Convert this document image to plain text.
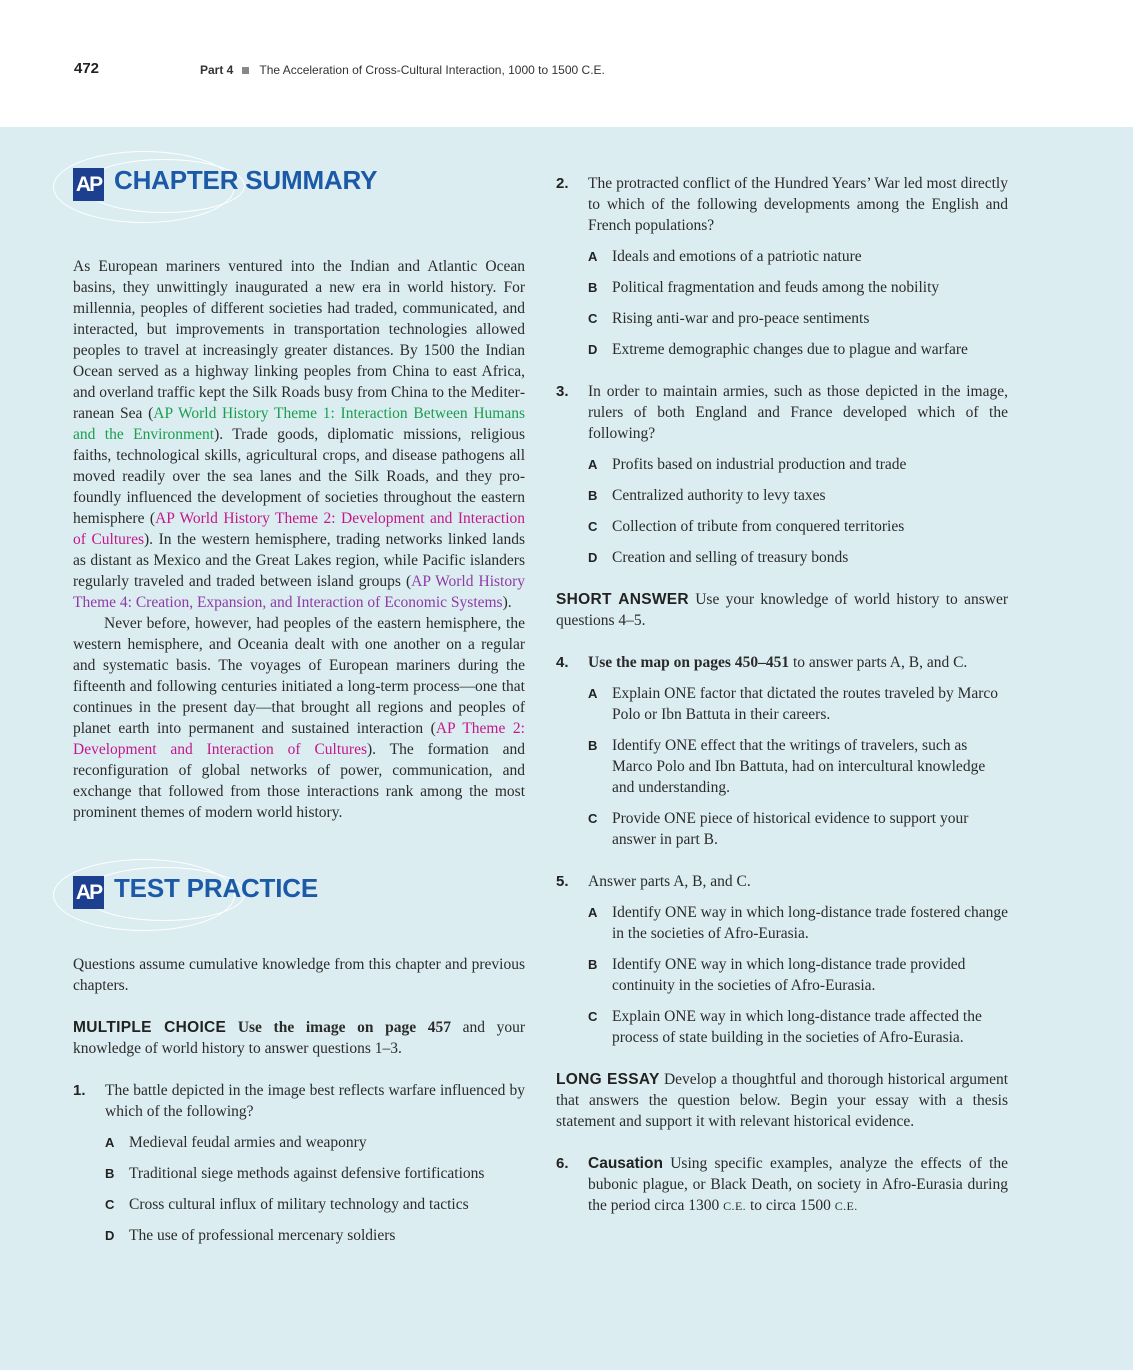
472	Part 4 The Acceleration of Cross-Cultural Interaction, 1000 to 1500 C.E.
AP CHAPTER SUMMARY

As European mariners ventured into the Indian and Atlantic Ocean basins, they unwittingly inaugurated a new era in world history. For millennia, peoples of different societies had traded, communicated, and interacted, but improvements in transportation technologies allowed peoples to travel at increasingly greater distances. By 1500 the Indian Ocean served as a highway linking peoples from China to east Africa, and overland traffic kept the Silk Roads busy from China to the Mediterranean Sea (AP World History Theme 1: Interaction Between Humans and the Environment). Trade goods, diplomatic missions, religious faiths, technological skills, agricultural crops, and disease pathogens all moved readily over the sea lanes and the Silk Roads, and they profoundly influenced the development of societies throughout the eastern hemisphere (AP World History Theme 2: Development and Interaction of Cultures). In the western hemisphere, trading networks linked lands as distant as Mexico and the Great Lakes region, while Pacific islanders regularly traveled and traded between island groups (AP World History Theme 4: Creation, Expansion, and Interaction of Economic Systems).

Never before, however, had peoples of the eastern hemisphere, the western hemisphere, and Oceania dealt with one another on a regular and systematic basis. The voyages of European mariners during the fifteenth and following centuries initiated a long-term process—one that continues in the present day—that brought all regions and peoples of planet earth into permanent and sustained interaction (AP Theme 2: Development and Interaction of Cultures). The formation and reconfiguration of global networks of power, communication, and exchange that followed from those interactions rank among the most prominent themes of modern world history.

AP TEST PRACTICE

Questions assume cumulative knowledge from this chapter and previous chapters.

MULTIPLE CHOICE Use the image on page 457 and your knowledge of world history to answer questions 1–3.

1. The battle depicted in the image best reflects warfare influenced by which of the following?
A Medieval feudal armies and weaponry
B Traditional siege methods against defensive fortifications
C Cross cultural influx of military technology and tactics
D The use of professional mercenary soldiers
2. The protracted conflict of the Hundred Years’ War led most directly to which of the following developments among the English and French populations?
A Ideals and emotions of a patriotic nature
B Political fragmentation and feuds among the nobility
C Rising anti-war and pro-peace sentiments
D Extreme demographic changes due to plague and warfare
3. In order to maintain armies, such as those depicted in the image, rulers of both England and France developed which of the following?
A Profits based on industrial production and trade
B Centralized authority to levy taxes
C Collection of tribute from conquered territories
D Creation and selling of treasury bonds

SHORT ANSWER Use your knowledge of world history to answer questions 4–5.

4. Use the map on pages 450–451 to answer parts A, B, and C.
A Explain ONE factor that dictated the routes traveled by Marco Polo or Ibn Battuta in their careers.
B Identify ONE effect that the writings of travelers, such as Marco Polo and Ibn Battuta, had on intercultural knowledge and understanding.
C Provide ONE piece of historical evidence to support your answer in part B.
5. Answer parts A, B, and C.
A Identify ONE way in which long-distance trade fostered change in the societies of Afro-Eurasia.
B Identify ONE way in which long-distance trade provided continuity in the societies of Afro-Eurasia.
C Explain ONE way in which long-distance trade affected the process of state building in the societies of Afro-Eurasia.

LONG ESSAY Develop a thoughtful and thorough historical argument that answers the question below. Begin your essay with a thesis statement and support it with relevant historical evidence.

6. Causation Using specific examples, analyze the effects of the bubonic plague, or Black Death, on society in Afro-Eurasia during the period circa 1300 C.E. to circa 1500 C.E.
